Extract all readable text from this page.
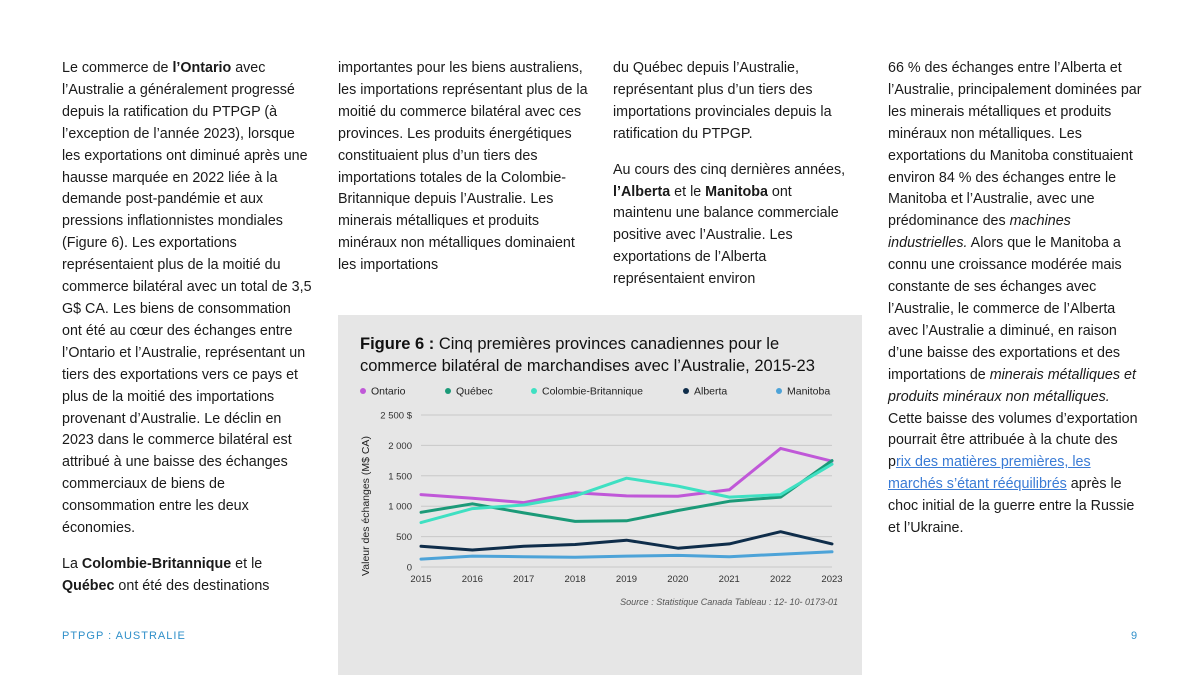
Le commerce de l’Ontario avec l’Australie a généralement progressé depuis la ratification du PTPGP (à l’exception de l’année 2023), lorsque les exportations ont diminué après une hausse marquée en 2022 liée à la demande post-pandémie et aux pressions inflationnistes mondiales (Figure 6). Les exportations représentaient plus de la moitié du commerce bilatéral avec un total de 3,5 G$ CA. Les biens de consommation ont été au cœur des échanges entre l’Ontario et l’Australie, représentant un tiers des exportations vers ce pays et plus de la moitié des importations provenant d’Australie. Le déclin en 2023 dans le commerce bilatéral est attribué à une baisse des échanges commerciaux de biens de consommation entre les deux économies.

La Colombie-Britannique et le Québec ont été des destinations

importantes pour les biens australiens, les importations représentant plus de la moitié du commerce bilatéral avec ces provinces. Les produits énergétiques constituaient plus d’un tiers des importations totales de la Colombie-Britannique depuis l’Australie. Les minerais métalliques et produits minéraux non métalliques dominaient les importations

du Québec depuis l’Australie, représentant plus d’un tiers des importations provinciales depuis la ratification du PTPGP.

Au cours des cinq dernières années, l’Alberta et le Manitoba ont maintenu une balance commerciale positive avec l’Australie. Les exportations de l’Alberta représentaient environ

66 % des échanges entre l’Alberta et l’Australie, principalement dominées par les minerais métalliques et produits minéraux non métalliques. Les exportations du Manitoba constituaient environ 84 % des échanges entre le Manitoba et l’Australie, avec une prédominance des machines industrielles. Alors que le Manitoba a connu une croissance modérée mais constante de ses échanges avec l’Australie, le commerce de l’Alberta avec l’Australie a diminué, en raison d’une baisse des exportations et des importations de minerais métalliques et produits minéraux non métalliques. Cette baisse des volumes d’exportation pourrait être attribuée à la chute des prix des matières premières, les marchés s’étant rééquilibrés après le choc initial de la guerre entre la Russie et l’Ukraine.

Figure 6 : Cinq premières provinces canadiennes pour le commerce bilatéral de marchandises avec l’Australie, 2015-23
Ontario	Québec	Colombie-Britannique	Alberta	Manitoba
0
500
1 000
1 500
2 000
2 500 $
2015	2016	2017	2018	2019	2020	2021	2022	2023
Valeur des échanges (M$ CA)
Source : Statistique Canada Tableau : 12- 10- 0173-01
PTPGP : AUSTRALIE	9
